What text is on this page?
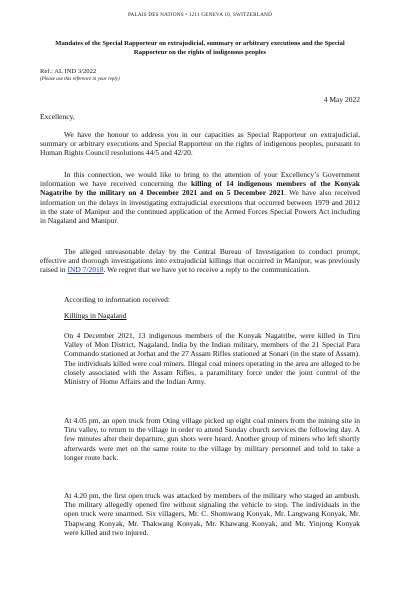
PALAIS DES NATIONS • 1211 GENEVA 10, SWITZERLAND
Mandates of the Special Rapporteur on extrajudicial, summary or arbitrary executions and the Special Rapporteur on the rights of indigenous peoples
Ref.: AL IND 3/2022
(Please use this reference in your reply)
4 May 2022

Excellency,

We have the honour to address you in our capacities as Special Rapporteur on extrajudicial, summary or arbitrary executions and Special Rapporteur on the rights of indigenous peoples, pursuant to Human Rights Council resolutions 44/5 and 42/20.

In this connection, we would like to bring to the attention of your Excellency’s Government information we have received concerning the killing of 14 indigenous members of the Konyak Nagatribe by the military on 4 December 2021 and on 5 December 2021. We have also received information on the delays in investigating extrajudicial executions that occurred between 1979 and 2012 in the state of Manipur and the continued application of the Armed Forces Special Powers Act including in Nagaland and Manipur.

The alleged unreasonable delay by the Central Bureau of Investigation to conduct prompt, effective and thorough investigations into extrajudicial killings that occurred in Manipur, was previously raised in IND 7/2018. We regret that we have yet to receive a reply to the communication.

According to information received:

Killings in Nagaland

On 4 December 2021, 13 indigenous members of the Konyak Nagatribe, were killed in Tiru Valley of Mon District, Nagaland, India by the Indian military, members of the 21 Special Para Commando stationed at Jorhat and the 27 Assam Rifles stationed at Sonari (in the state of Assam). The individuals killed were coal miners. Illegal coal miners operating in the area are alleged to be closely associated with the Assam Rifles, a paramilitary force under the joint control of the Ministry of Home Affairs and the Indian Army.

At 4.05 pm, an open truck from Oting village picked up eight coal miners from the mining site in Tiru valley, to return to the village in order to attend Sunday church services the following day. A few minutes after their departure, gun shots were heard. Another group of miners who left shortly afterwards were met on the same route to the village by military personnel and told to take a longer route back.

At 4.20 pm, the first open truck was attacked by members of the military who staged an ambush. The military allegedly opened fire without signaling the vehicle to stop. The individuals in the open truck were unarmed. Six villagers, Mr. C. Shomwang Konyak, Mr. Langwang Konyak, Mr. Thapwang Konyak, Mr. Thakwang Konyak, Mr. Khawang Konyak, and Mr. Yinjong Konyak were killed and two injured.
